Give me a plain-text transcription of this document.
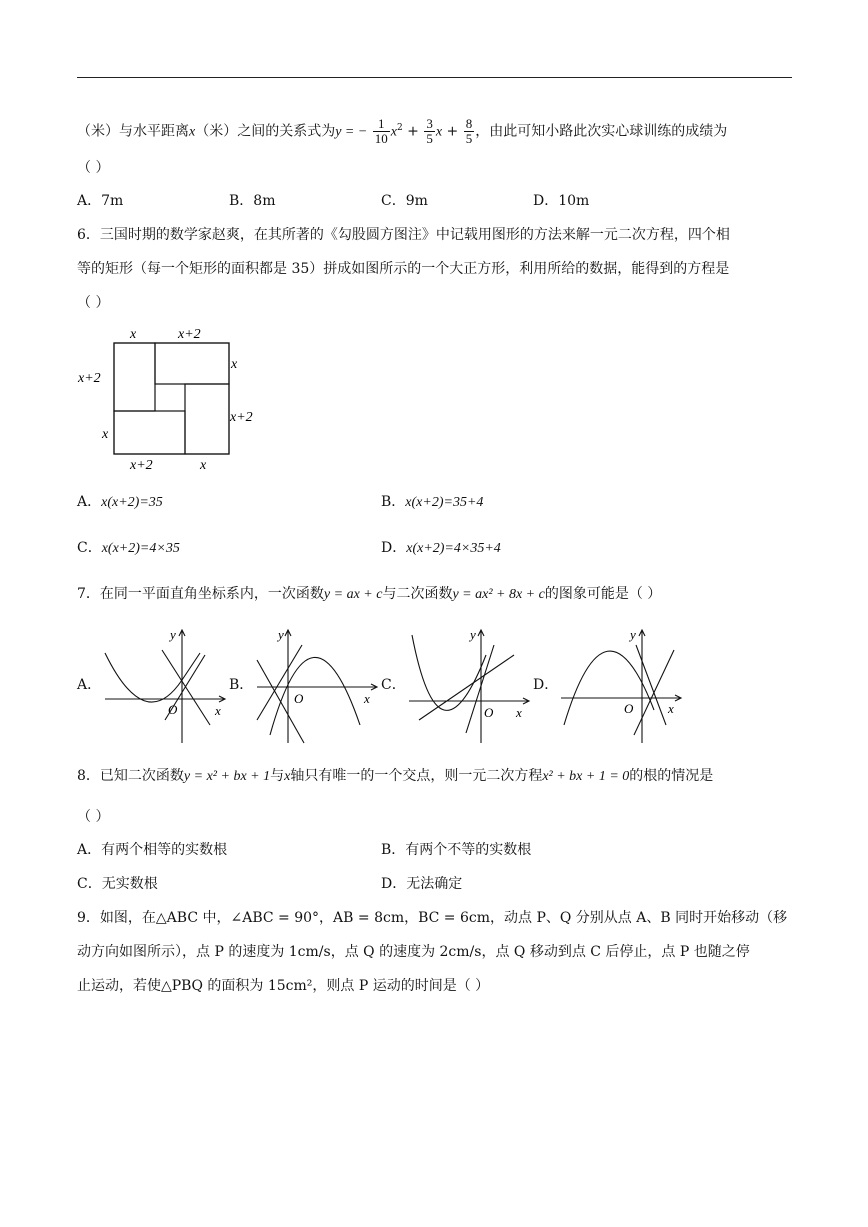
（米）与水平距离x（米）之间的关系式为y = − $\frac{1}{10} x^2 + \frac{3}{5}$ $x + \frac{8}{5}$ ，由此可知小路此次实心球训练的成绩为
（ ）
A．7m	B．8m	C．9m	D．10m
6．三国时期的数学家赵爽，在其所著的《勾股圆方图注》中记载用图形的方法来解一元二次方程，四个相
等的矩形（每一个矩形的面积都是 35）拼成如图所示的一个大正方形，利用所给的数据，能得到的方程是
（ ）
x	x+2
x
x+2
x+2
x
x+2	x
A．x(x+2)=35	B．x(x+2)=35+4
C．x(x+2)=4×35	D．x(x+2)=4×35+4
7．在同一平面直角坐标系内，一次函数y = ax + c与二次函数y = ax² + 8x + c的图象可能是（ ）
A．	B．	C．	D．
y
x
O
y
x
O
y
x
O
y
x
O
8．已知二次函数y = x² + bx + 1与x轴只有唯一的一个交点，则一元二次方程x² + bx + 1 = 0的根的情况是
（ ）
A．有两个相等的实数根	B．有两个不等的实数根
C．无实数根	D．无法确定
9．如图，在△ABC 中，∠ABC = 90°，AB = 8cm，BC = 6cm，动点 P、Q 分别从点 A、B 同时开始移动（移
动方向如图所示），点 P 的速度为 1cm/s，点 Q 的速度为 2cm/s，点 Q 移动到点 C 后停止，点 P 也随之停
止运动，若使△PBQ 的面积为 15cm²，则点 P 运动的时间是（ ）
